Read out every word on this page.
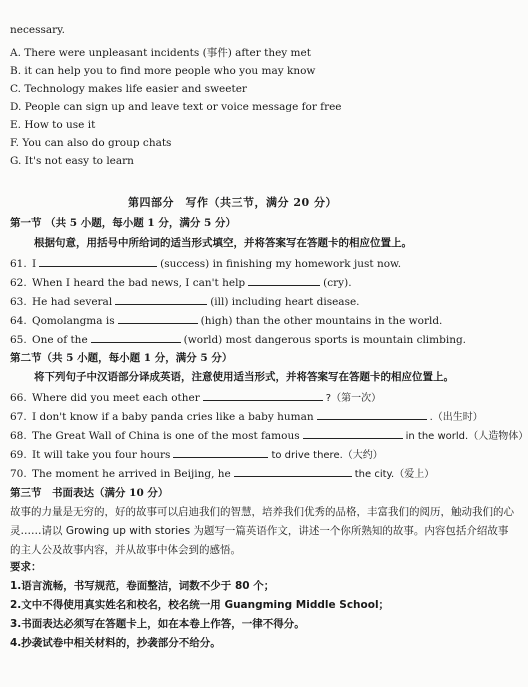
necessary.
A. There were unpleasant incidents (事件) after they met
B. it can help you to find more people who you may know
C. Technology makes life easier and sweeter
D. People can sign up and leave text or voice message for free
E. How to use it
F. You can also do group chats
G. It's not easy to learn
第四部分　写作（共三节，满分 20 分）
第一节 （共 5 小题，每小题 1 分，满分 5 分）
根据句意，用括号中所给词的适当形式填空，并将答案写在答题卡的相应位置上。
61. I	(success) in finishing my homework just now.
62. When I heard the bad news, I can't help	(cry).
63. He had several	(ill) including heart disease.
64. Qomolangma is	(high) than the other mountains in the world.
65. One of the	(world) most dangerous sports is mountain climbing.
第二节（共 5 小题，每小题 1 分，满分 5 分）
将下列句子中汉语部分译成英语，注意使用适当形式，并将答案写在答题卡的相应位置上。
66. Where did you meet each other	?（第一次）
67. I don't know if a baby panda cries like a baby human	.（出生时）
68. The Great Wall of China is one of the most famous	in the world.（人造物体）
69. It will take you four hours	to drive there.（大约）
70. The moment he arrived in Beijing, he	the city.（爱上）
第三节　书面表达（满分 10 分）
故事的力量是无穷的，好的故事可以启迪我们的智慧，培养我们优秀的品格，丰富我们的阅历，触动我们的心灵……请以 Growing up with stories 为题写一篇英语作文，讲述一个你所熟知的故事。内容包括介绍故事的主人公及故事内容，并从故事中体会到的感悟。
要求：
1.语言流畅，书写规范，卷面整洁，词数不少于 80 个；
2.文中不得使用真实姓名和校名，校名统一用 Guangming Middle School；
3.书面表达必须写在答题卡上，如在本卷上作答，一律不得分。
4.抄袭试卷中相关材料的，抄袭部分不给分。
